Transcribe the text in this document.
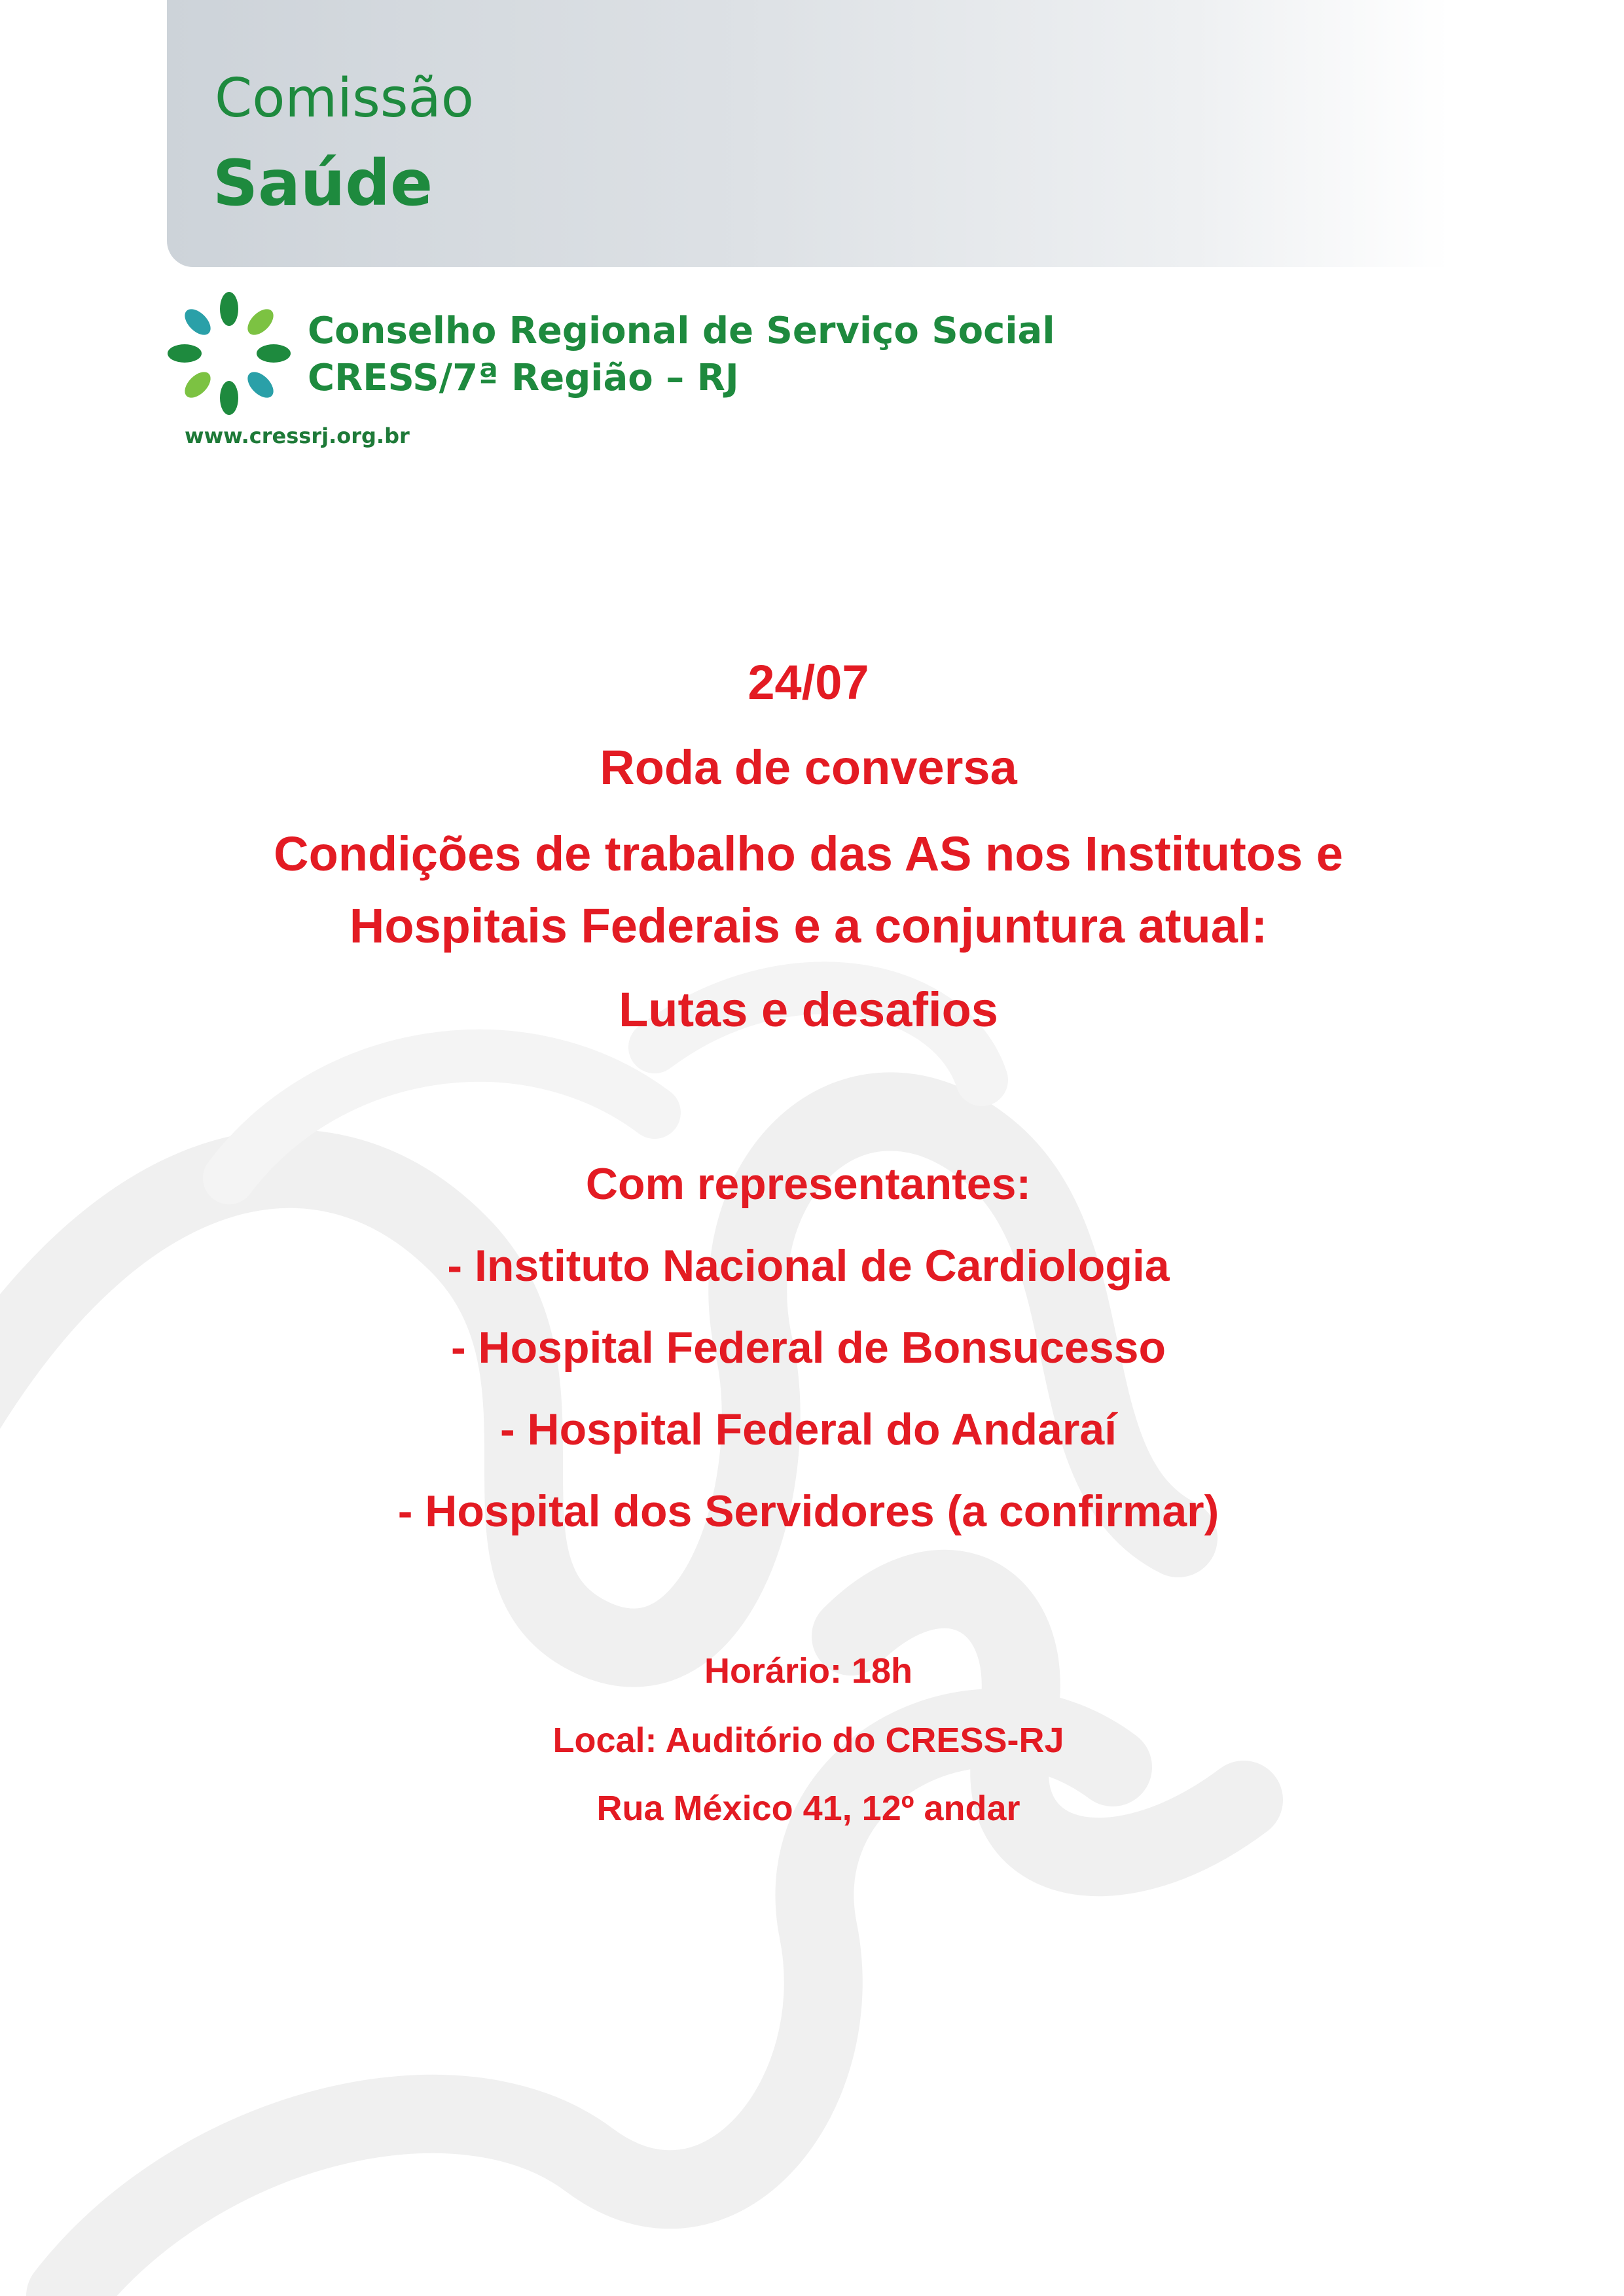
Comissão
Saúde
Conselho Regional de Serviço Social
CRESS/7ª Região – RJ
www.cressrj.org.br
24/07
Roda de conversa
Condições de trabalho das AS nos Institutos e
Hospitais Federais e a conjuntura atual:
Lutas e desafios
Com representantes:
- Instituto Nacional de Cardiologia
- Hospital Federal de Bonsucesso
- Hospital Federal do Andaraí
- Hospital dos Servidores (a confirmar)
Horário: 18h
Local: Auditório do CRESS-RJ
Rua México 41, 12º andar
